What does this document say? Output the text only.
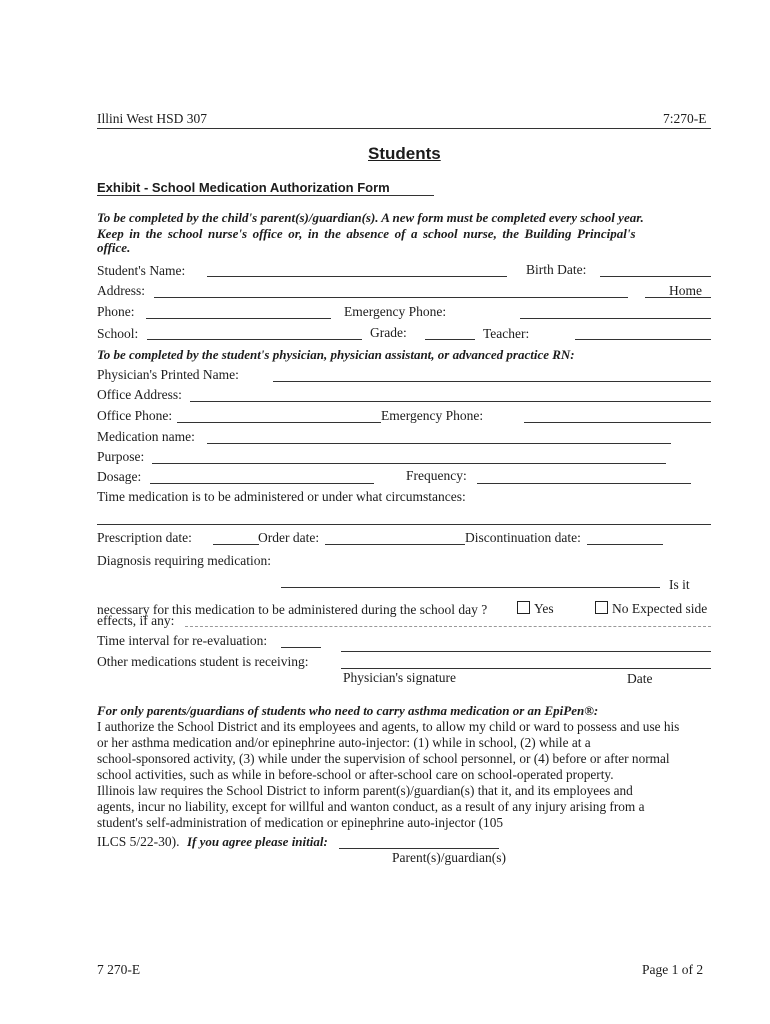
Illini West HSD 307	7:270-E
Students
Exhibit - School Medication Authorization Form
To be completed by the child's parent(s)/guardian(s). A new form must be completed every school year.
Keep in the school nurse's office or, in the absence of a school nurse, the Building Principal's
office.
Student's Name:	Birth Date:
Address:	Home
Phone:	Emergency Phone:
School:	Grade:	Teacher:
To be completed by the student's physician, physician assistant, or advanced practice RN:
Physician's Printed Name:
Office Address:
Office Phone:	Emergency Phone:
Medication name:
Purpose:
Dosage:	Frequency:
Time medication is to be administered or under what circumstances:
Prescription date:	Order date:	Discontinuation date:
Diagnosis requiring medication:
Is it
necessary for this medication to be administered during the school day ?	Yes	No Expected side
effects, if any:
Time interval for re-evaluation:
Other medications student is receiving:
Physician's signature	Date
For only parents/guardians of students who need to carry asthma medication or an EpiPen®:
I authorize the School District and its employees and agents, to allow my child or ward to possess and use his
or her asthma medication and/or epinephrine auto-injector: (1) while in school, (2) while at a
school-sponsored activity, (3) while under the supervision of school personnel, or (4) before or after normal
school activities, such as while in before-school or after-school care on school-operated property.
Illinois law requires the School District to inform parent(s)/guardian(s) that it, and its employees and
agents, incur no liability, except for willful and wanton conduct, as a result of any injury arising from a
student's self-administration of medication or epinephrine auto-injector (105
ILCS 5/22-30). If you agree please initial:
Parent(s)/guardian(s)
7 270-E	Page 1 of 2
